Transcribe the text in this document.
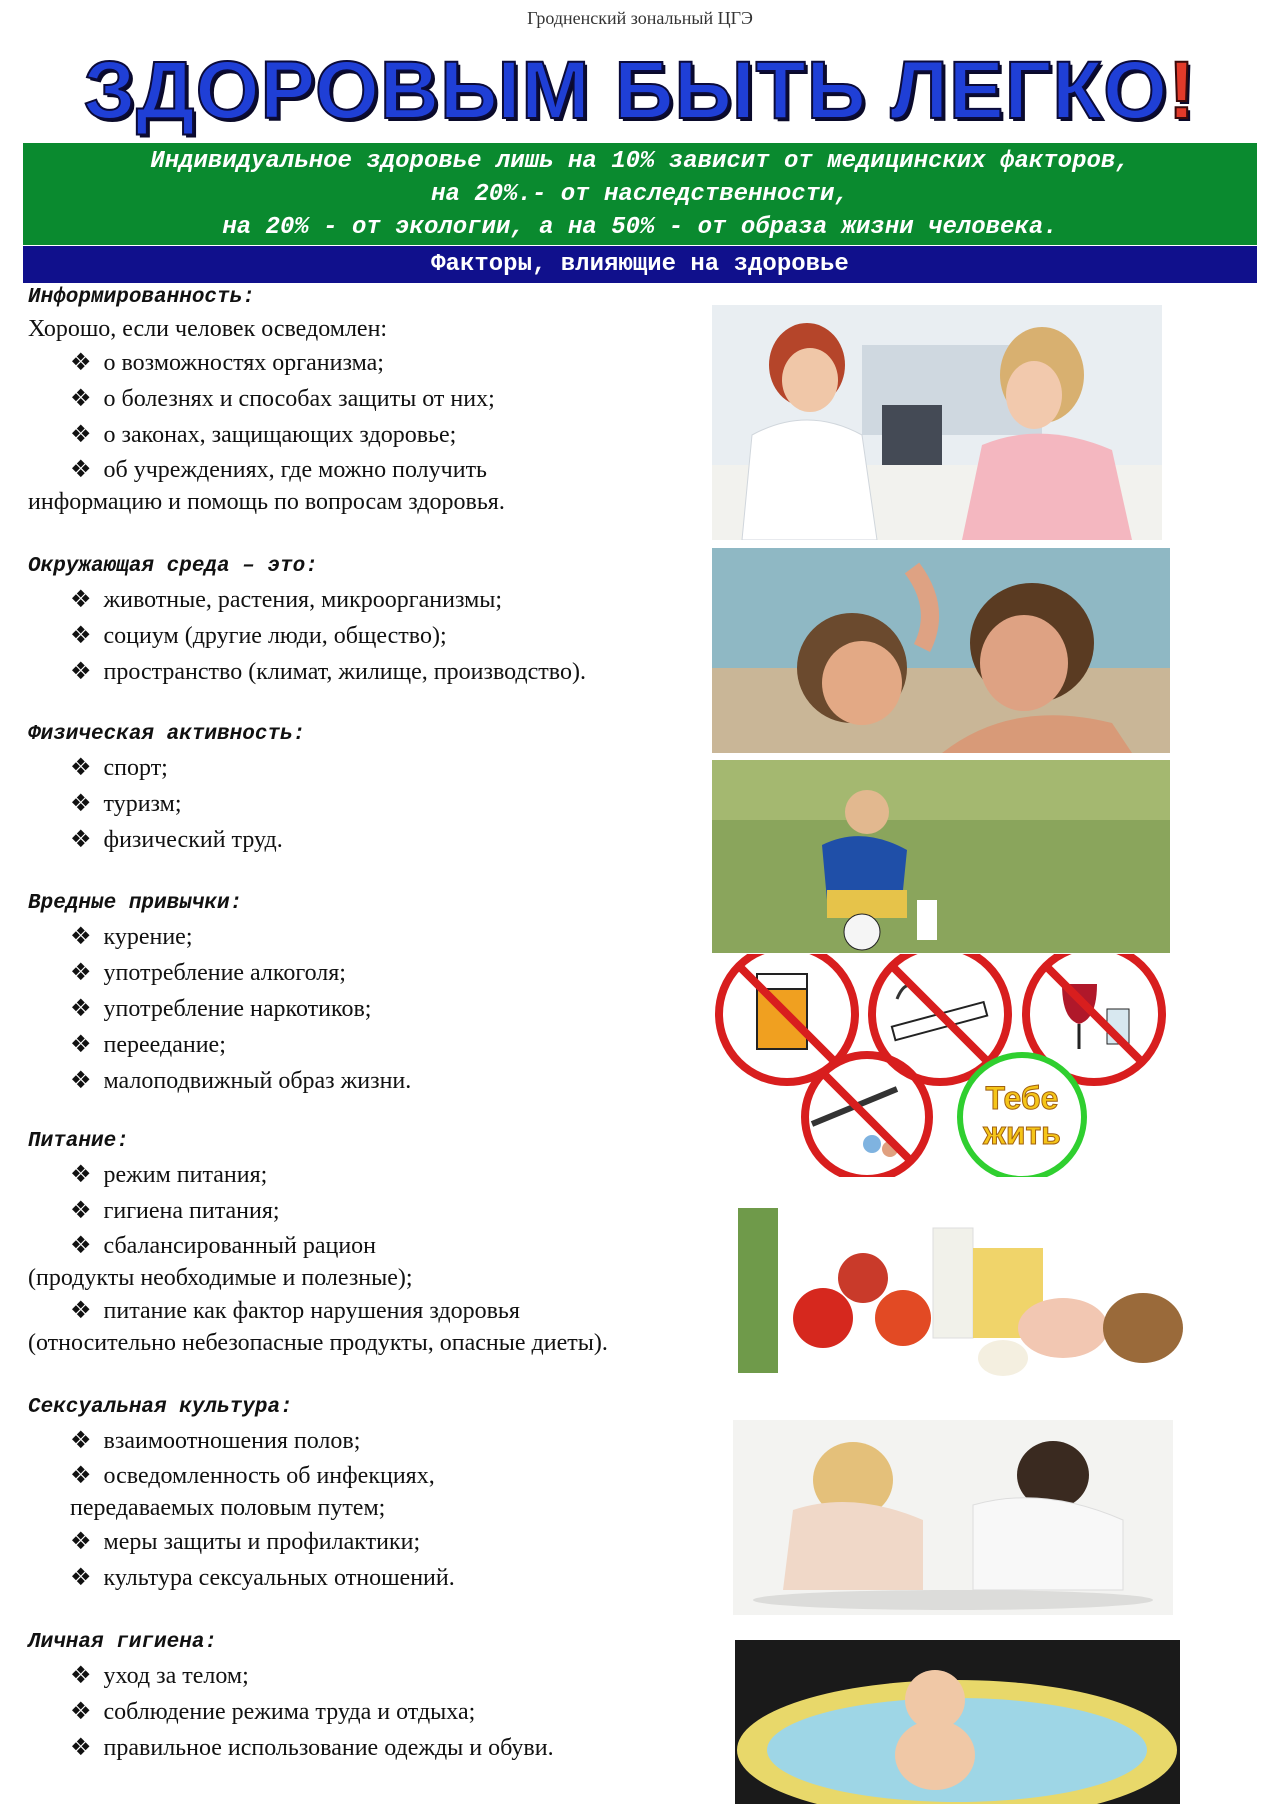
Гродненский зональный ЦГЭ
ЗДОРОВЫМ БЫТЬ ЛЕГКО!
Индивидуальное здоровье лишь на 10% зависит от медицинских факторов,
на 20%.- от наследственности,
на 20% - от экологии, а на 50% - от образа жизни человека.
Факторы, влияющие на здоровье
Информированность:
Хорошо, если человек осведомлен:
❖ о возможностях организма;
❖ о болезнях и способах защиты от них;
❖ о законах, защищающих здоровье;
❖ об учреждениях, где можно получить
информацию и помощь по вопросам здоровья.
Окружающая среда – это:
❖ животные, растения, микроорганизмы;
❖ социум (другие люди, общество);
❖ пространство (климат, жилище, производство).
Физическая активность:
❖ спорт;
❖ туризм;
❖ физический труд.
Вредные привычки:
❖ курение;
❖ употребление алкоголя;
❖ употребление наркотиков;
❖ переедание;
❖ малоподвижный образ жизни.
Питание:
❖ режим питания;
❖ гигиена питания;
❖ сбалансированный рацион
(продукты необходимые и полезные);
❖ питание как фактор нарушения здоровья
(относительно небезопасные продукты, опасные диеты).
Сексуальная культура:
❖ взаимоотношения полов;
❖ осведомленность об инфекциях,
передаваемых половым путем;
❖ меры защиты и профилактики;
❖ культура сексуальных отношений.
Личная гигиена:
❖ уход за телом;
❖ соблюдение режима труда и отдыха;
❖ правильное использование одежды и обуви.
Тебе
жить
